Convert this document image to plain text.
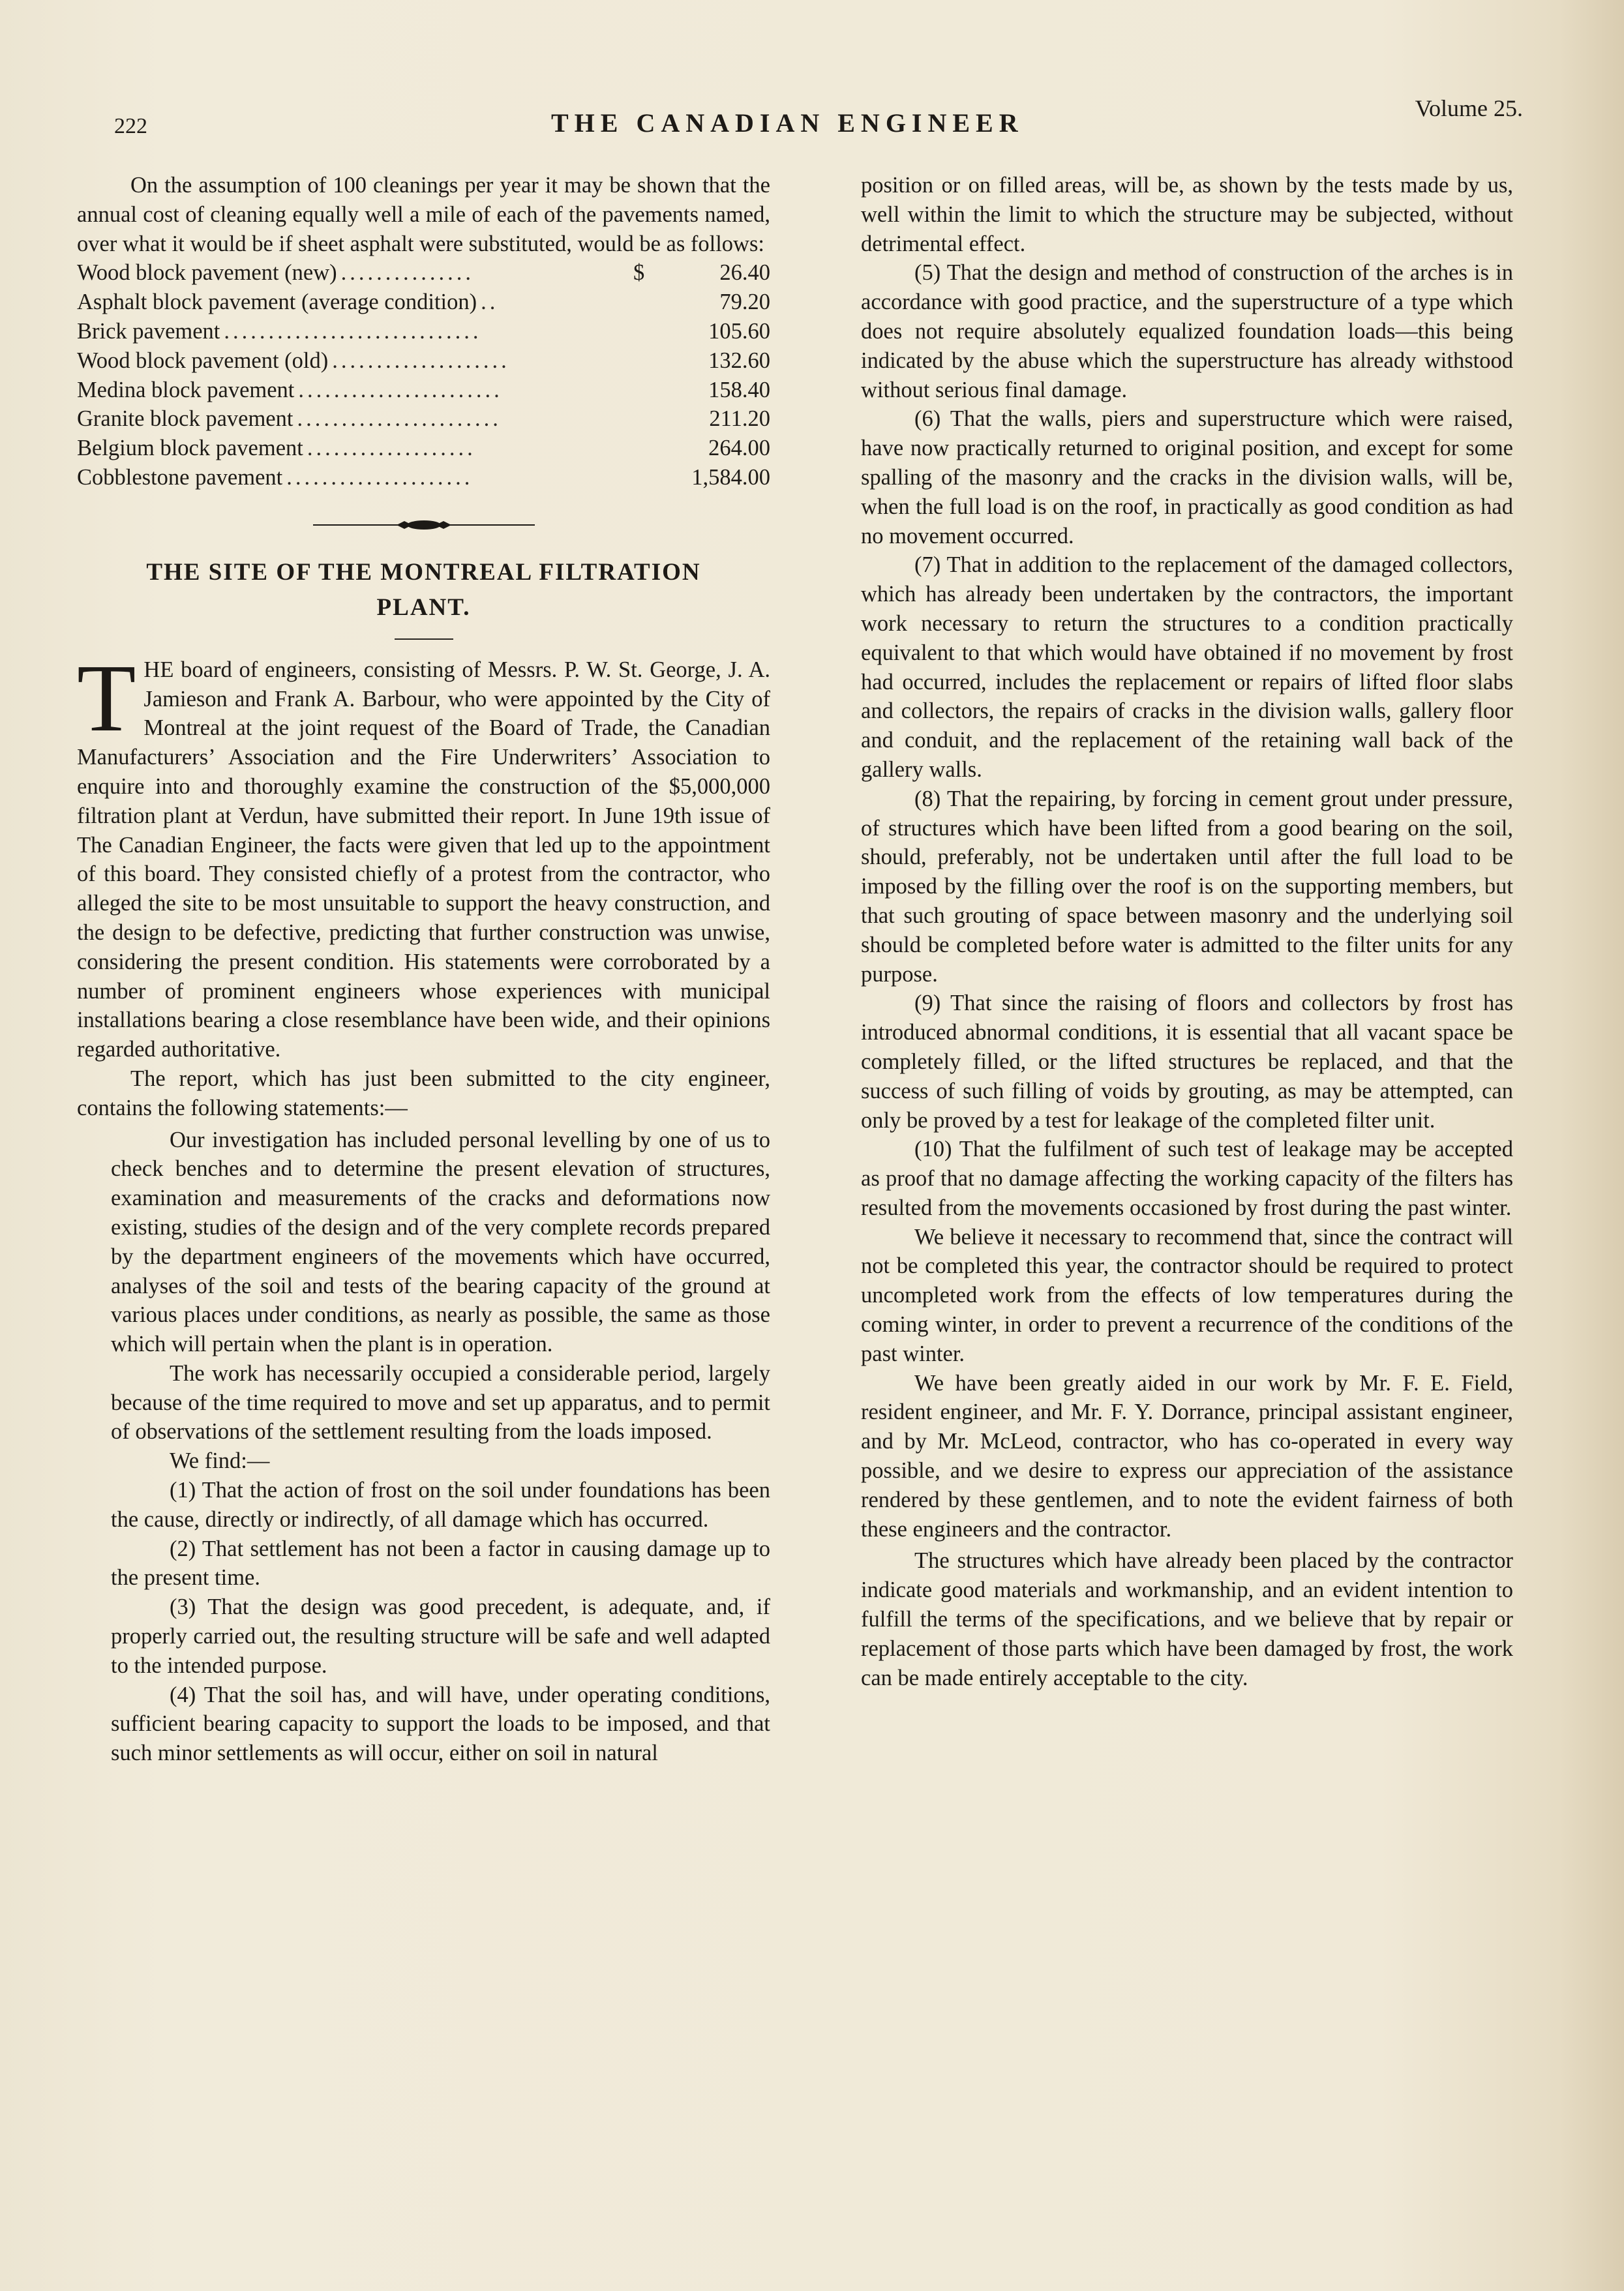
222	THE CANADIAN ENGINEER	Volume 25.

On the assumption of 100 cleanings per year it may be shown that the annual cost of cleaning equally well a mile of each of the pavements named, over what it would be if sheet asphalt were substituted, would be as follows:

Wood block pavement (new) ...............	$	26.40
Asphalt block pavement (average condition) ..	79.20
Brick pavement .............................	105.60
Wood block pavement (old) ....................	132.60
Medina block pavement .......................	158.40
Granite block pavement .......................	211.20
Belgium block pavement ...................	264.00
Cobblestone pavement .....................	1,584.00
THE SITE OF THE MONTREAL FILTRATION
PLANT.

THE board of engineers, consisting of Messrs. P. W. St. George, J. A. Jamieson and Frank A. Barbour, who were appointed by the City of Montreal at the joint request of the Board of Trade, the Canadian Manufacturers’ Association and the Fire Underwriters’ Association to enquire into and thoroughly examine the construction of the $5,000,000 filtration plant at Verdun, have submitted their report. In June 19th issue of The Canadian Engineer, the facts were given that led up to the appointment of this board. They consisted chiefly of a protest from the contractor, who alleged the site to be most unsuitable to support the heavy construction, and the design to be defective, predicting that further construction was unwise, considering the present condition. His statements were corroborated by a number of prominent engineers whose experiences with municipal installations bearing a close resemblance have been wide, and their opinions regarded authoritative.

The report, which has just been submitted to the city engineer, contains the following statements:—

Our investigation has included personal levelling by one of us to check benches and to determine the present elevation of structures, examination and measurements of the cracks and deformations now existing, studies of the design and of the very complete records prepared by the department engineers of the movements which have occurred, analyses of the soil and tests of the bearing capacity of the ground at various places under conditions, as nearly as possible, the same as those which will pertain when the plant is in operation.

The work has necessarily occupied a considerable period, largely because of the time required to move and set up apparatus, and to permit of observations of the settlement resulting from the loads imposed.

We find:—

(1) That the action of frost on the soil under foundations has been the cause, directly or indirectly, of all damage which has occurred.

(2) That settlement has not been a factor in causing damage up to the present time.

(3) That the design was good precedent, is adequate, and, if properly carried out, the resulting structure will be safe and well adapted to the intended purpose.

(4) That the soil has, and will have, under operating conditions, sufficient bearing capacity to support the loads to be imposed, and that such minor settlements as will occur, either on soil in natural

position or on filled areas, will be, as shown by the tests made by us, well within the limit to which the structure may be subjected, without detrimental effect.

(5) That the design and method of construction of the arches is in accordance with good practice, and the superstructure of a type which does not require absolutely equalized foundation loads—this being indicated by the abuse which the superstructure has already withstood without serious final damage.

(6) That the walls, piers and superstructure which were raised, have now practically returned to original position, and except for some spalling of the masonry and the cracks in the division walls, will be, when the full load is on the roof, in practically as good condition as had no movement occurred.

(7) That in addition to the replacement of the damaged collectors, which has already been undertaken by the contractors, the important work necessary to return the structures to a condition practically equivalent to that which would have obtained if no movement by frost had occurred, includes the replacement or repairs of lifted floor slabs and collectors, the repairs of cracks in the division walls, gallery floor and conduit, and the replacement of the retaining wall back of the gallery walls.

(8) That the repairing, by forcing in cement grout under pressure, of structures which have been lifted from a good bearing on the soil, should, preferably, not be undertaken until after the full load to be imposed by the filling over the roof is on the supporting members, but that such grouting of space between masonry and the underlying soil should be completed before water is admitted to the filter units for any purpose.

(9) That since the raising of floors and collectors by frost has introduced abnormal conditions, it is essential that all vacant space be completely filled, or the lifted structures be replaced, and that the success of such filling of voids by grouting, as may be attempted, can only be proved by a test for leakage of the completed filter unit.

(10) That the fulfilment of such test of leakage may be accepted as proof that no damage affecting the working capacity of the filters has resulted from the movements occasioned by frost during the past winter.

We believe it necessary to recommend that, since the contract will not be completed this year, the contractor should be required to protect uncompleted work from the effects of low temperatures during the coming winter, in order to prevent a recurrence of the conditions of the past winter.

We have been greatly aided in our work by Mr. F. E. Field, resident engineer, and Mr. F. Y. Dorrance, principal assistant engineer, and by Mr. McLeod, contractor, who has co-operated in every way possible, and we desire to express our appreciation of the assistance rendered by these gentlemen, and to note the evident fairness of both these engineers and the contractor.

The structures which have already been placed by the contractor indicate good materials and workmanship, and an evident intention to fulfill the terms of the specifications, and we believe that by repair or replacement of those parts which have been damaged by frost, the work can be made entirely acceptable to the city.
